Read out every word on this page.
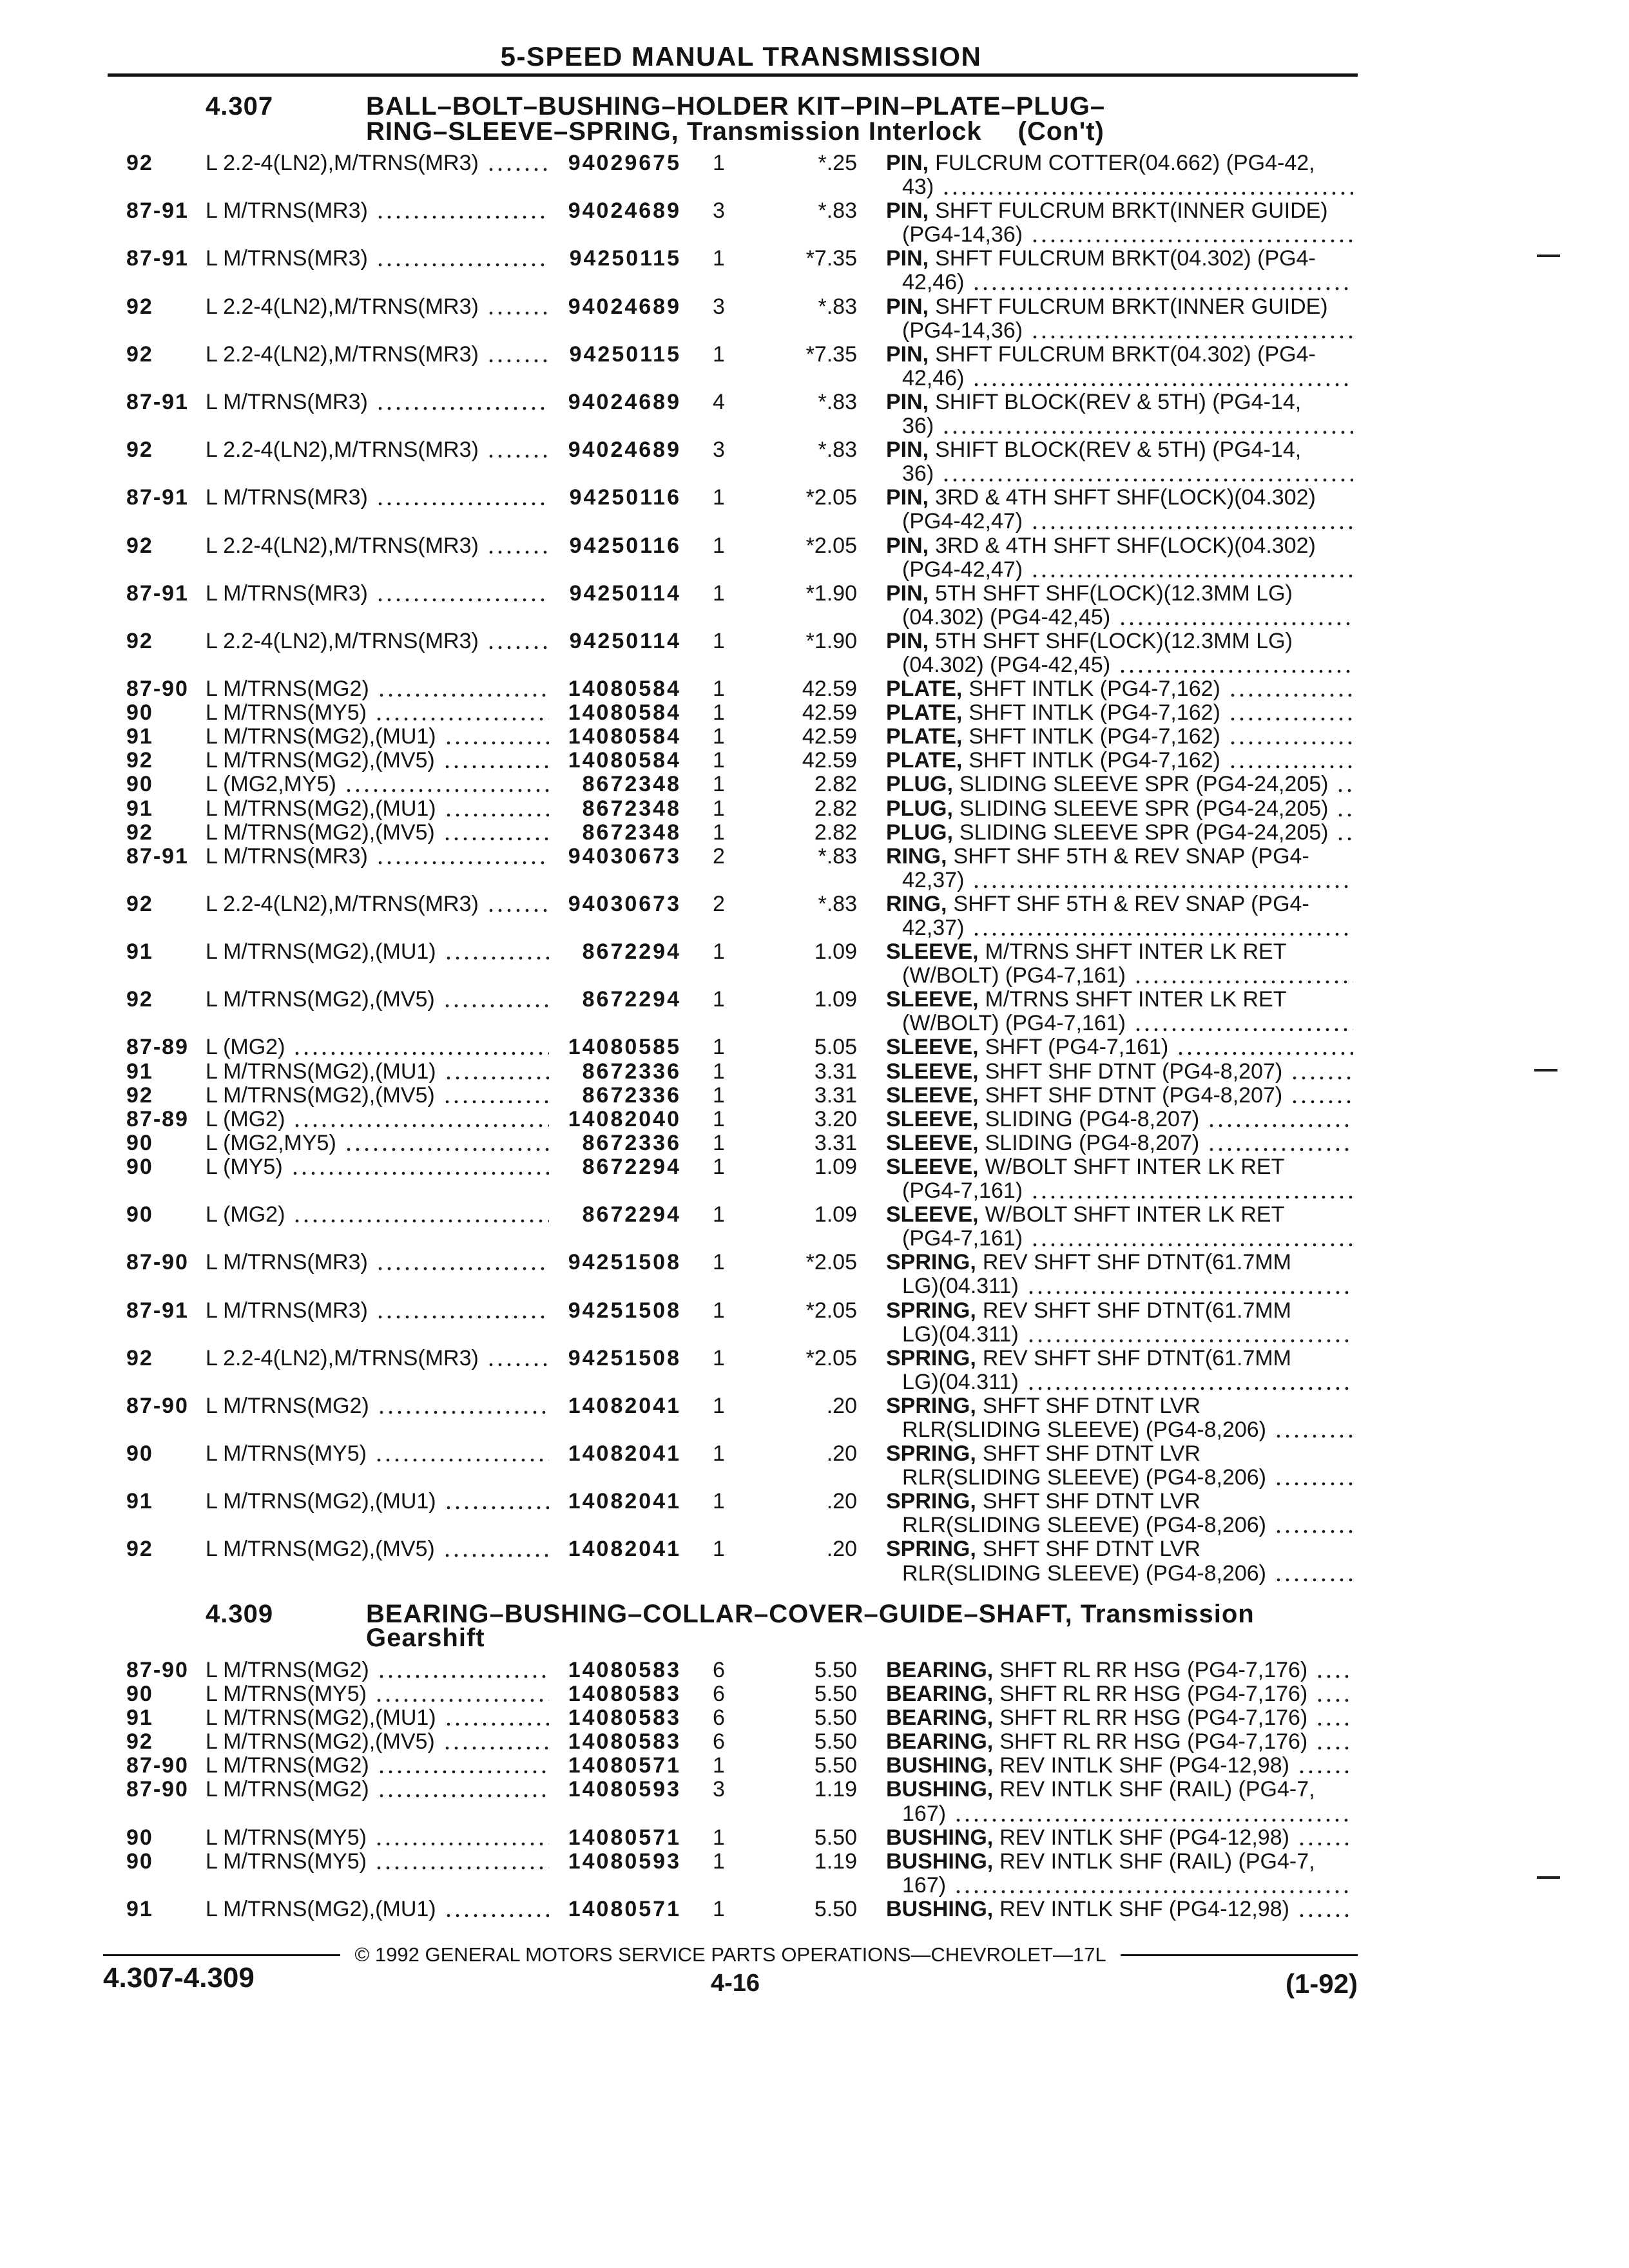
5-SPEED MANUAL TRANSMISSION
4.307	BALL–BOLT–BUSHING–HOLDER KIT–PIN–PLATE–PLUG–
RING–SLEEVE–SPRING, Transmission Interlock (Con't)
92	L 2.2-4(LN2),M/TRNS(MR3)	94029675	1	*.25 PIN, FULCRUM COTTER(04.662) (PG4-42,
43)
87-91 L M/TRNS(MR3)	94024689	3	*.83 PIN, SHFT FULCRUM BRKT(INNER GUIDE)
(PG4-14,36)
87-91 L M/TRNS(MR3)	94250115	1	*7.35 PIN, SHFT FULCRUM BRKT(04.302) (PG4-
42,46)
92	L 2.2-4(LN2),M/TRNS(MR3)	94024689	3	*.83 PIN, SHFT FULCRUM BRKT(INNER GUIDE)
(PG4-14,36)
92	L 2.2-4(LN2),M/TRNS(MR3)	94250115	1	*7.35 PIN, SHFT FULCRUM BRKT(04.302) (PG4-
42,46)
87-91 L M/TRNS(MR3)	94024689	4	*.83 PIN, SHIFT BLOCK(REV & 5TH) (PG4-14,
36)
92	L 2.2-4(LN2),M/TRNS(MR3)	94024689	3	*.83 PIN, SHIFT BLOCK(REV & 5TH) (PG4-14,
36)
87-91 L M/TRNS(MR3)	94250116	1	*2.05 PIN, 3RD & 4TH SHFT SHF(LOCK)(04.302)
(PG4-42,47)
92	L 2.2-4(LN2),M/TRNS(MR3)	94250116	1	*2.05 PIN, 3RD & 4TH SHFT SHF(LOCK)(04.302)
(PG4-42,47)
87-91 L M/TRNS(MR3)	94250114	1	*1.90 PIN, 5TH SHFT SHF(LOCK)(12.3MM LG)
(04.302) (PG4-42,45)
92	L 2.2-4(LN2),M/TRNS(MR3)	94250114	1	*1.90 PIN, 5TH SHFT SHF(LOCK)(12.3MM LG)
(04.302) (PG4-42,45)
87-90 L M/TRNS(MG2)	14080584	1	42.59 PLATE, SHFT INTLK (PG4-7,162)
90	L M/TRNS(MY5)	14080584	1	42.59 PLATE, SHFT INTLK (PG4-7,162)
91	L M/TRNS(MG2),(MU1)	14080584	1	42.59 PLATE, SHFT INTLK (PG4-7,162)
92	L M/TRNS(MG2),(MV5)	14080584	1	42.59 PLATE, SHFT INTLK (PG4-7,162)
90	L (MG2,MY5)	8672348	1	2.82 PLUG, SLIDING SLEEVE SPR (PG4-24,205)
91	L M/TRNS(MG2),(MU1)	8672348	1	2.82 PLUG, SLIDING SLEEVE SPR (PG4-24,205)
92	L M/TRNS(MG2),(MV5)	8672348	1	2.82 PLUG, SLIDING SLEEVE SPR (PG4-24,205)
87-91 L M/TRNS(MR3)	94030673	2	*.83 RING, SHFT SHF 5TH & REV SNAP (PG4-
42,37)
92	L 2.2-4(LN2),M/TRNS(MR3)	94030673	2	*.83 RING, SHFT SHF 5TH & REV SNAP (PG4-
42,37)
91	L M/TRNS(MG2),(MU1)	8672294	1	1.09 SLEEVE, M/TRNS SHFT INTER LK RET
(W/BOLT) (PG4-7,161)
92	L M/TRNS(MG2),(MV5)	8672294	1	1.09 SLEEVE, M/TRNS SHFT INTER LK RET
(W/BOLT) (PG4-7,161)
87-89 L (MG2)	14080585	1	5.05 SLEEVE, SHFT (PG4-7,161)
91	L M/TRNS(MG2),(MU1)	8672336	1	3.31 SLEEVE, SHFT SHF DTNT (PG4-8,207)
92	L M/TRNS(MG2),(MV5)	8672336	1	3.31 SLEEVE, SHFT SHF DTNT (PG4-8,207)
87-89 L (MG2)	14082040	1	3.20 SLEEVE, SLIDING (PG4-8,207)
90	L (MG2,MY5)	8672336	1	3.31 SLEEVE, SLIDING (PG4-8,207)
90	L (MY5)	8672294	1	1.09 SLEEVE, W/BOLT SHFT INTER LK RET
(PG4-7,161)
90	L (MG2)	8672294	1	1.09 SLEEVE, W/BOLT SHFT INTER LK RET
(PG4-7,161)
87-90 L M/TRNS(MR3)	94251508	1	*2.05 SPRING, REV SHFT SHF DTNT(61.7MM
LG)(04.311)
87-91 L M/TRNS(MR3)	94251508	1	*2.05 SPRING, REV SHFT SHF DTNT(61.7MM
LG)(04.311)
92	L 2.2-4(LN2),M/TRNS(MR3)	94251508	1	*2.05 SPRING, REV SHFT SHF DTNT(61.7MM
LG)(04.311)
87-90 L M/TRNS(MG2)	14082041	1	.20 SPRING, SHFT SHF DTNT LVR
RLR(SLIDING SLEEVE) (PG4-8,206)
90	L M/TRNS(MY5)	14082041	1	.20 SPRING, SHFT SHF DTNT LVR
RLR(SLIDING SLEEVE) (PG4-8,206)
91	L M/TRNS(MG2),(MU1)	14082041	1	.20 SPRING, SHFT SHF DTNT LVR
RLR(SLIDING SLEEVE) (PG4-8,206)
92	L M/TRNS(MG2),(MV5)	14082041	1	.20 SPRING, SHFT SHF DTNT LVR
RLR(SLIDING SLEEVE) (PG4-8,206)
4.309	BEARING–BUSHING–COLLAR–COVER–GUIDE–SHAFT, Transmission
Gearshift
87-90 L M/TRNS(MG2)	14080583	6	5.50 BEARING, SHFT RL RR HSG (PG4-7,176)
90	L M/TRNS(MY5)	14080583	6	5.50 BEARING, SHFT RL RR HSG (PG4-7,176)
91	L M/TRNS(MG2),(MU1)	14080583	6	5.50 BEARING, SHFT RL RR HSG (PG4-7,176)
92	L M/TRNS(MG2),(MV5)	14080583	6	5.50 BEARING, SHFT RL RR HSG (PG4-7,176)
87-90 L M/TRNS(MG2)	14080571	1	5.50 BUSHING, REV INTLK SHF (PG4-12,98)
87-90 L M/TRNS(MG2)	14080593	3	1.19 BUSHING, REV INTLK SHF (RAIL) (PG4-7,
167)
90	L M/TRNS(MY5)	14080571	1	5.50 BUSHING, REV INTLK SHF (PG4-12,98)
90	L M/TRNS(MY5)	14080593	1	1.19 BUSHING, REV INTLK SHF (RAIL) (PG4-7,
167)
91	L M/TRNS(MG2),(MU1)	14080571	1	5.50 BUSHING, REV INTLK SHF (PG4-12,98)
© 1992 GENERAL MOTORS SERVICE PARTS OPERATIONS—CHEVROLET—17L
4.307-4.309	4-16	(1-92)
